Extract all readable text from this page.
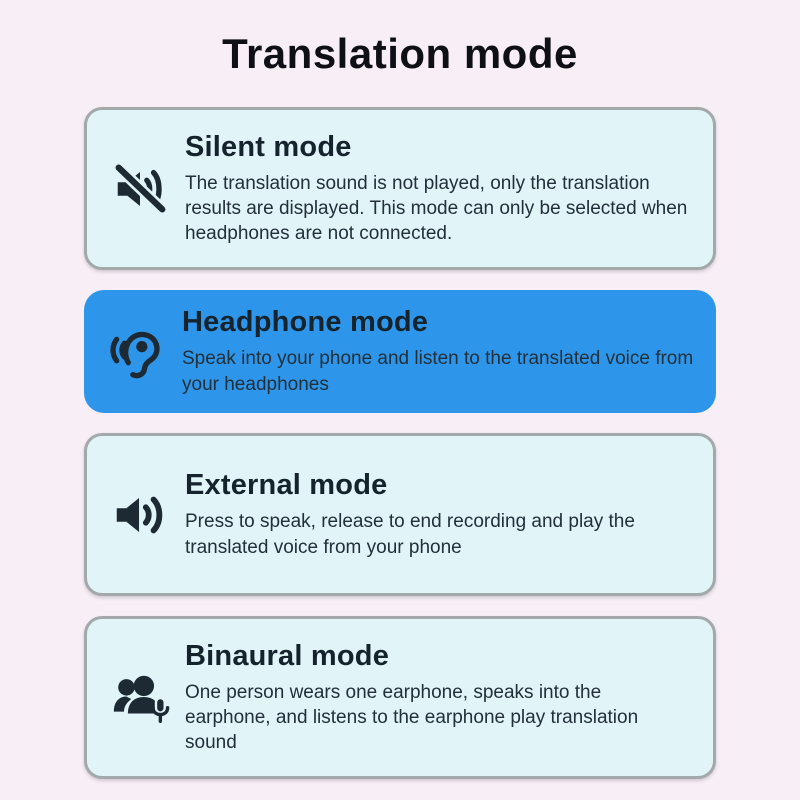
Translation mode
Silent mode

The translation sound is not played, only the translation results are displayed. This mode can only be selected when headphones are not connected.

Headphone mode

Speak into your phone and listen to the translated voice from your headphones

External mode

Press to speak, release to end recording and play the translated voice from your phone

Binaural mode

One person wears one earphone, speaks into the earphone, and listens to the earphone play translation sound
